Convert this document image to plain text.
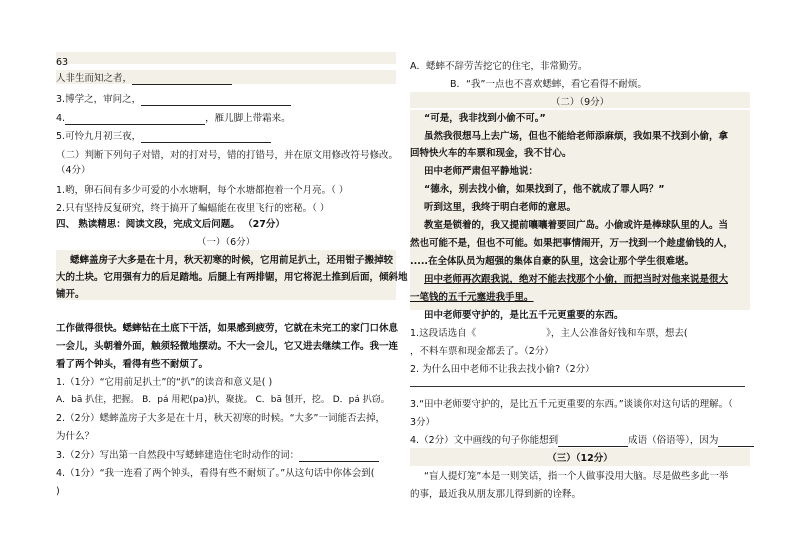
63
人非生而知之者，
3.博学之，审问之，
4.	，雁儿脚上带霜来。
5.可怜九月初三夜，
（二）判断下列句子对错，对的打对号，错的打错号，并在原文用修改符号修改。
（4分）
1.哟，卵石间有多少可爱的小水塘啊，每个水塘都抱着一个月亮。（ ）
2.只有坚持反复研究，终于搞开了蝙蝠能在夜里飞行的密秘。（ ）
四、 熟读精思：阅读文段，完成文后问题。 （27分）
（一）（6分）
蟋蟀盖房子大多是在十月，秋天初寒的时候，它用前足扒土，还用钳子搬掉较
大的土块。它用强有力的后足踏地。后腿上有两排锯，用它将泥土推到后面，倾斜地
铺开。
工作做得很快。蟋蟀钻在土底下干活，如果感到疲劳，它就在未完工的家门口休息
一会儿，头朝着外面，触须轻微地摆动。不大一会儿，它又进去继续工作。我一连
看了两个钟头，看得有些不耐烦了。
1.（1分）“它用前足扒土”的“扒”的读音和意义是( )
A．bā 扒住，把握。 B．pá 用耙(pa)扒，聚拢。 C．bā 刨开，挖。 D．pá 扒窃。
2.（2分）蟋蟀盖房子大多是在十月，秋天初寒的时候。“大多”一词能否去掉，
为什么？
3.（2分）写出第一自然段中写蟋蟀建造住宅时动作的词：
4.（1分）“我一连看了两个钟头，看得有些不耐烦了。”从这句话中你体会到(
)
A．蟋蟀不辞劳苦挖它的住宅，非常勤劳。
B．“我”一点也不喜欢蟋蟀，看它看得不耐烦。
（二）（9分）
“可是，我非找到小偷不可。”
虽然我很想马上去广场，但也不能给老师添麻烦，我如果不找到小偷，拿
回特快火车的车票和现金，我不甘心。
田中老师严肃但平静地说：
“德永，别去找小偷，如果找到了，他不就成了罪人吗？”
听到这里，我终于明白老师的意思。
教室是锁着的，我又提前嚷嚷着要回广岛。小偷或许是棒球队里的人。当
然也可能不是，但也不可能。如果把事情闹开，万一找到一个趁虚偷钱的人，
.....在全体队员为超强的集体自豪的队里，这会让那个学生很难堪。
田中老师再次跟我说，绝对不能去找那个小偷，而把当时对他来说是很大
一笔钱的五千元塞进我手里。
田中老师要守护的，是比五千元更重要的东西。
1.这段话选自《	》，主人公准备好钱和车票，想去(
，不料车票和现金都丢了。（2分）
2. 为什么田中老师不让我去找小偷?（2分）
3.“田中老师要守护的，是比五千元更重要的东西。”谈谈你对这句话的理解。（
3分）
4.（2分）文中画线的句子你能想到	成语（俗语等），因为
（三）（12分）
“盲人提灯笼”本是一则笑话，指一个人做事没用大脑。尽是做些多此一举
的事，最近我从朋友那儿得到新的诠释。
